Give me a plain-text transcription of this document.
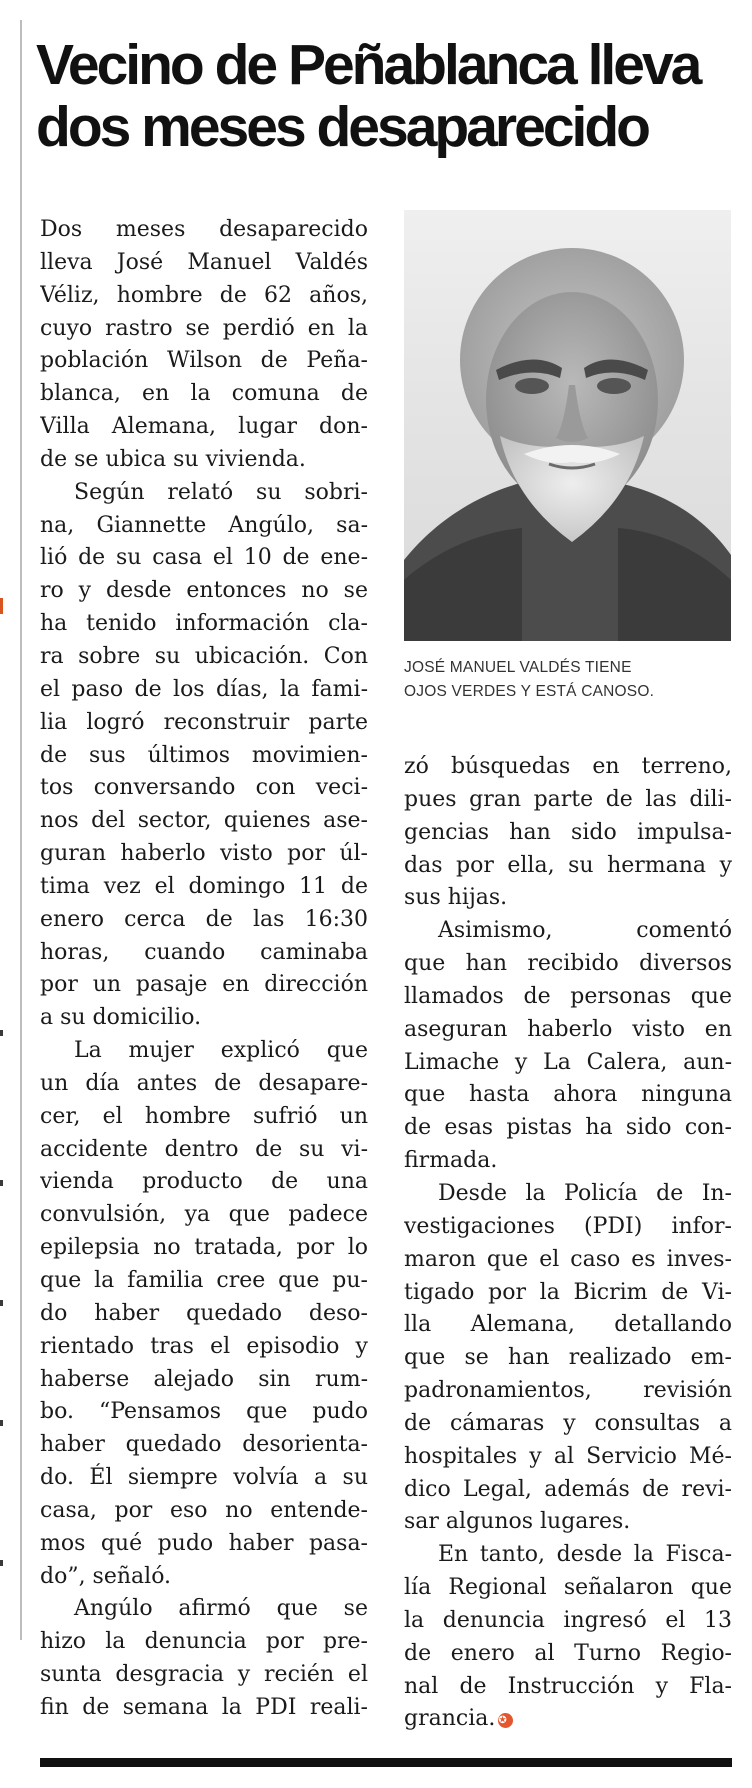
Vecino de Peñablanca lleva
dos meses desaparecido
Dos meses desaparecido
lleva José Manuel Valdés
Véliz, hombre de 62 años,
cuyo rastro se perdió en la
población Wilson de Peña-
blanca, en la comuna de
Villa Alemana, lugar don-
de se ubica su vivienda.
Según relató su sobri-
na, Giannette Angúlo, sa-
lió de su casa el 10 de ene-
ro y desde entonces no se
ha tenido información cla-
ra sobre su ubicación. Con
el paso de los días, la fami-
lia logró reconstruir parte
de sus últimos movimien-
tos conversando con veci-
nos del sector, quienes ase-
guran haberlo visto por úl-
tima vez el domingo 11 de
enero cerca de las 16:30
horas, cuando caminaba
por un pasaje en dirección
a su domicilio.
La mujer explicó que
un día antes de desapare-
cer, el hombre sufrió un
accidente dentro de su vi-
vienda producto de una
convulsión, ya que padece
epilepsia no tratada, por lo
que la familia cree que pu-
do haber quedado deso-
rientado tras el episodio y
haberse alejado sin rum-
bo. “Pensamos que pudo
haber quedado desorienta-
do. Él siempre volvía a su
casa, por eso no entende-
mos qué pudo haber pasa-
do”, señaló.
Angúlo afirmó que se
hizo la denuncia por pre-
sunta desgracia y recién el
fin de semana la PDI reali-
JOSÉ MANUEL VALDÉS TIENE
OJOS VERDES Y ESTÁ CANOSO.
zó búsquedas en terreno,
pues gran parte de las dili-
gencias han sido impulsa-
das por ella, su hermana y
sus hijas.
Asimismo, comentó
que han recibido diversos
llamados de personas que
aseguran haberlo visto en
Limache y La Calera, aun-
que hasta ahora ninguna
de esas pistas ha sido con-
firmada.
Desde la Policía de In-
vestigaciones (PDI) infor-
maron que el caso es inves-
tigado por la Bicrim de Vi-
lla Alemana, detallando
que se han realizado em-
padronamientos, revisión
de cámaras y consultas a
hospitales y al Servicio Mé-
dico Legal, además de revi-
sar algunos lugares.
En tanto, desde la Fisca-
lía Regional señalaron que
la denuncia ingresó el 13
de enero al Turno Regio-
nal de Instrucción y Fla-
grancia. ✪
